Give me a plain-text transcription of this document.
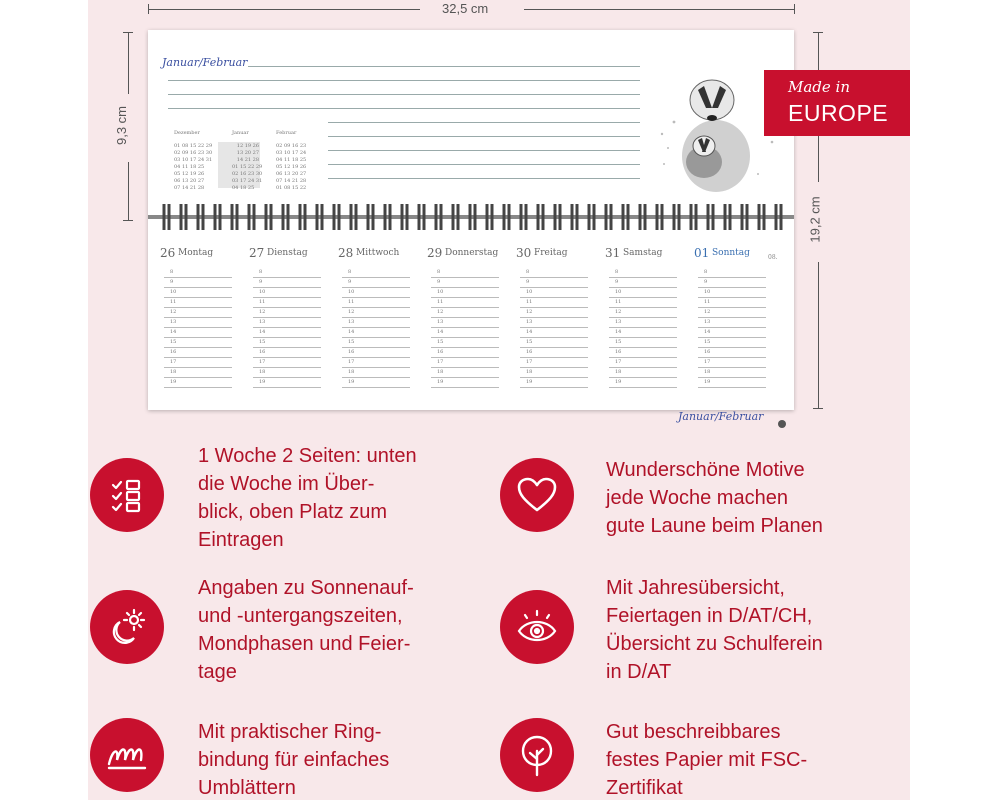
32,5 cm
9,3 cm
19,2 cm
Januar/Februar
Dezember
01 08 15 22 29
02 09 16 23 30
03 10 17 24 31
04 11 18 25
05 12 19 26
06 13 20 27
07 14 21 28
Januar
12 19 26
13 20 27
14 21 28
01 15 22 29
02 16 23 30
03 17 24 31
04 18 25
Februar
02 09 16 23
03 10 17 24
04 11 18 25
05 12 19 26
06 13 20 27
07 14 21 28
01 08 15 22
26 Montag
8
9
10
11
12
13
14
15
16
17
18
19
27 Dienstag
8
9
10
11
12
13
14
15
16
17
18
19
28 Mittwoch
8
9
10
11
12
13
14
15
16
17
18
19
29 Donnerstag
8
9
10
11
12
13
14
15
16
17
18
19
30 Freitag
8
9
10
11
12
13
14
15
16
17
18
19
31 Samstag
8
9
10
11
12
13
14
15
16
17
18
19
01 Sonntag
8
9
10
11
12
13
14
15
16
17
18
19
08.
Januar/Februar
Made in
EUROPE
1 Woche 2 Seiten: unten
die Woche im Über-
blick, oben Platz zum
Eintragen
Wunderschöne Motive
jede Woche machen
gute Laune beim Planen
Angaben zu Sonnenauf-
und -untergangszeiten,
Mondphasen und Feier-
tage
Mit Jahresübersicht,
Feiertagen in D/AT/CH,
Übersicht zu Schulferein
in D/AT
Mit praktischer Ring-
bindung für einfaches
Umblättern
Gut beschreibbares
festes Papier mit FSC-
Zertifikat
